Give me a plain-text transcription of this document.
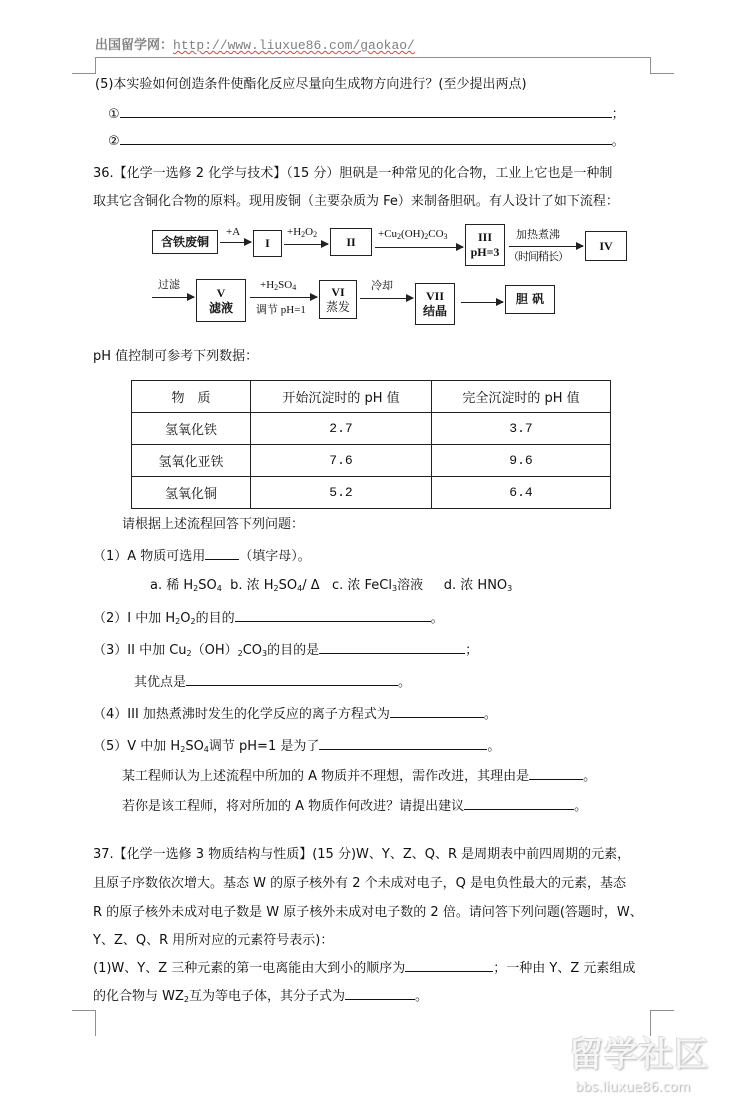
出国留学网：http://www.liuxue86.com/gaokao/
(5)本实验如何创造条件使酯化反应尽量向生成物方向进行？(至少提出两点)
①	；
②	。
36.【化学一选修 2 化学与技术】（15 分）胆矾是一种常见的化合物，工业上它也是一种制
取其它含铜化合物的原料。现用废铜（主要杂质为 Fe）来制备胆矾。有人设计了如下流程：
含铁废铜
+A
I
$+H_2O_2$ II
$+Cu_2(OH)_2CO_3$	III
pH=3
加热煮沸
（时间稍长）
IV
过滤
V
滤液
$+H_2SO_4$
调节 pH=1
VI
蒸发
冷却
VII
结晶
胆 矾
pH 值控制可参考下列数据：
物　质	开始沉淀时的 pH 值	完全沉淀时的 pH 值
氢氧化铁	2.7	3.7
氢氧化亚铁	7.6	9.6
氢氧化铜	5.2	6.4
请根据上述流程回答下列问题：
（1）A 物质可选用	（填字母）。
a. 稀 $H_2SO_4$ b. 浓 $H_2SO_4/$ Δ c. 浓 FeCl$_3$溶液 d. 浓 $HNO_3$
（2）I 中加 $H_2O_2$的目的	。
（3）II 中加 $Cu_2(OH)_2CO_3$的目的是	；
其优点是	。
（4）III 加热煮沸时发生的化学反应的离子方程式为	。
（5）V 中加 $H_2SO_4$调节 pH=1 是为了	。
某工程师认为上述流程中所加的 A 物质并不理想，需作改进，其理由是	。
若你是该工程师，将对所加的 A 物质作何改进？请提出建议	。
37.【化学一选修 3 物质结构与性质】(15 分)W、Y、Z、Q、R 是周期表中前四周期的元素，
且原子序数依次增大。基态 W 的原子核外有 2 个未成对电子，Q 是电负性最大的元素，基态
R 的原子核外未成对电子数是 W 原子核外未成对电子数的 2 倍。请问答下列问题(答题时，W、
Y、Z、Q、R 用所对应的元素符号表示)：
(1)W、Y、Z 三种元素的第一电离能由大到小的顺序为	；一种由 Y、Z 元素组成
的化合物与 $WZ_2$互为等电子体，其分子式为	。
留学社区
bbs.liuxue86.com
